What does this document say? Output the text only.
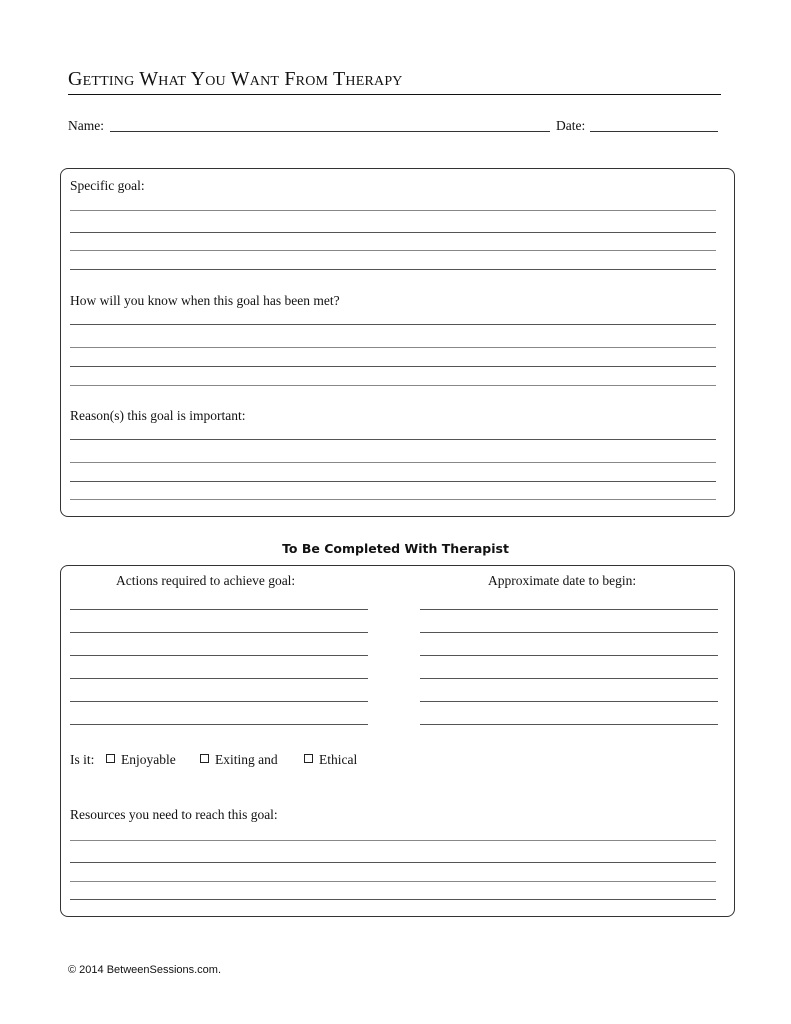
Getting What You Want From Therapy
Name:	Date:
Specific goal:
How will you know when this goal has been met?
Reason(s) this goal is important:
To Be Completed With Therapist
Actions required to achieve goal:	Approximate date to begin:
Is it:	Enjoyable	Exiting and	Ethical
Resources you need to reach this goal:
© 2014 BetweenSessions.com.
